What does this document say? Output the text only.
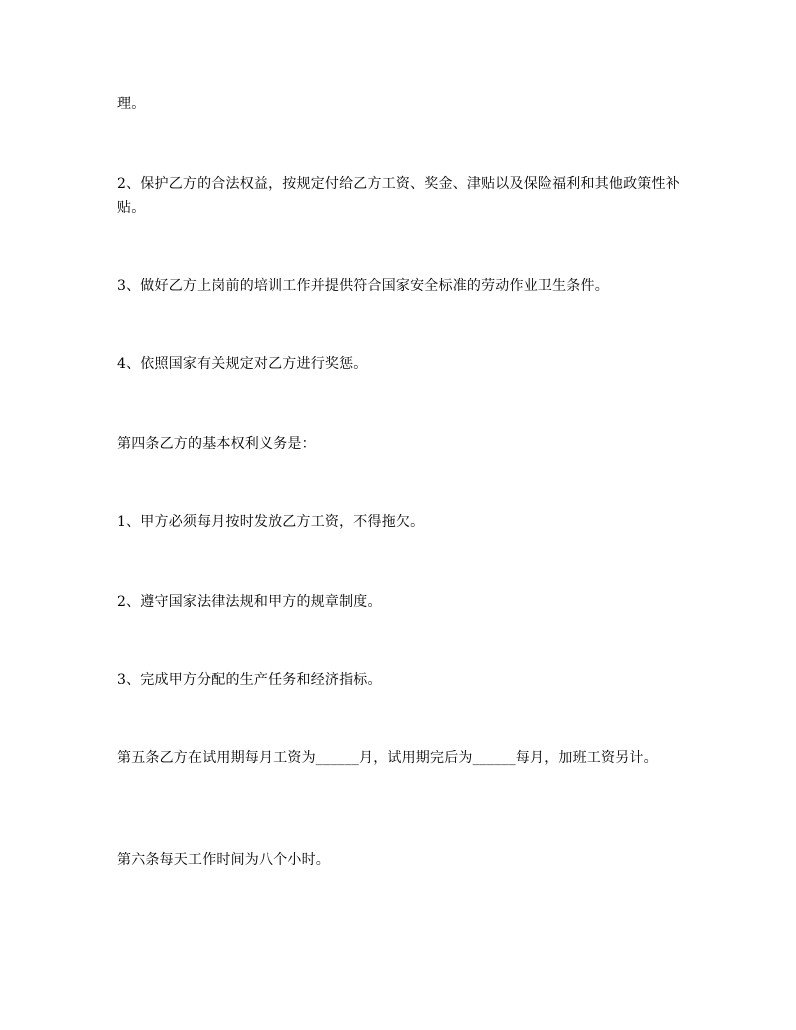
理。

2、保护乙方的合法权益，按规定付给乙方工资、奖金、津贴以及保险福利和其他政策性补贴。

3、做好乙方上岗前的培训工作并提供符合国家安全标准的劳动作业卫生条件。

4、依照国家有关规定对乙方进行奖惩。

第四条乙方的基本权利义务是：

1、甲方必须每月按时发放乙方工资，不得拖欠。

2、遵守国家法律法规和甲方的规章制度。

3、完成甲方分配的生产任务和经济指标。

第五条乙方在试用期每月工资为______月，试用期完后为______每月，加班工资另计。

第六条每天工作时间为八个小时。
